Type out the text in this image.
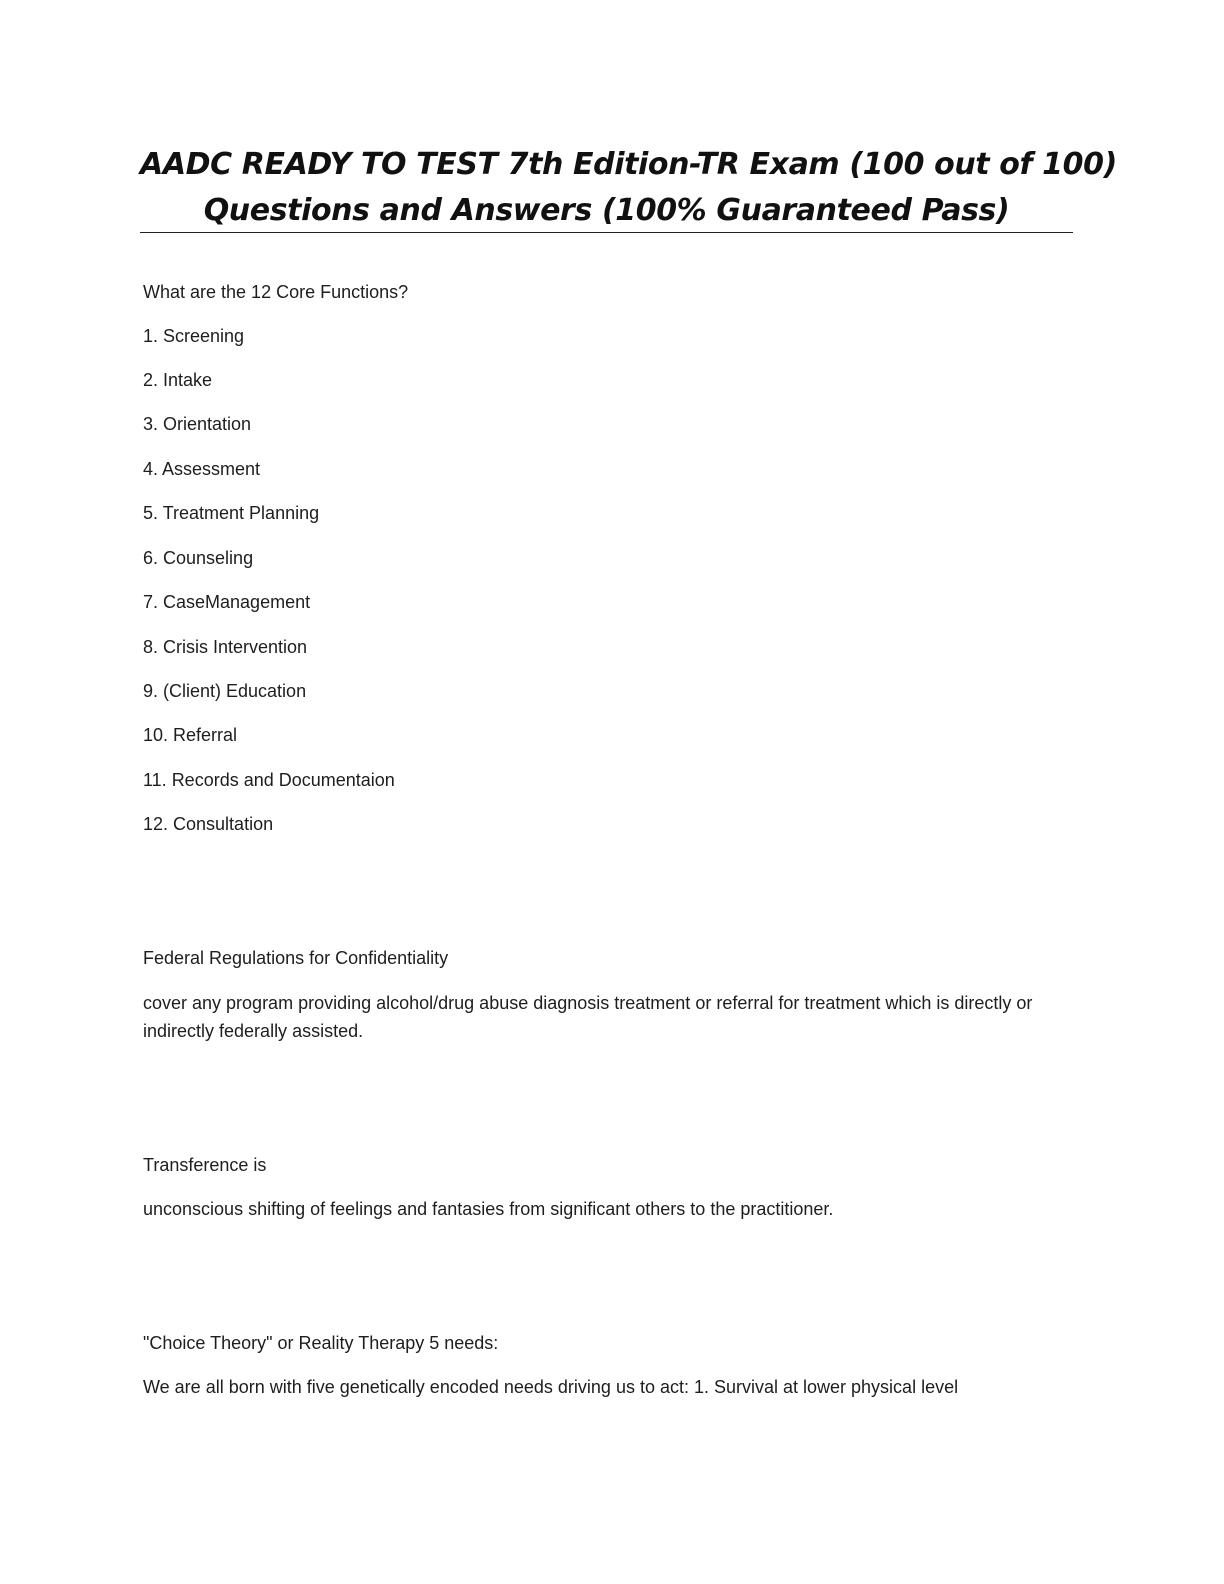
AADC READY TO TEST 7th Edition-TR Exam (100 out of 100)
Questions and Answers (100% Guaranteed Pass)
What are the 12 Core Functions?
1. Screening
2. Intake
3. Orientation
4. Assessment
5. Treatment Planning
6. Counseling
7. CaseManagement
8. Crisis Intervention
9. (Client) Education
10. Referral
11. Records and Documentaion
12. Consultation
Federal Regulations for Confidentiality
cover any program providing alcohol/drug abuse diagnosis treatment or referral for treatment which is directly or indirectly federally assisted.
Transference is
unconscious shifting of feelings and fantasies from significant others to the practitioner.
"Choice Theory" or Reality Therapy 5 needs:
We are all born with five genetically encoded needs driving us to act: 1. Survival at lower physical level
